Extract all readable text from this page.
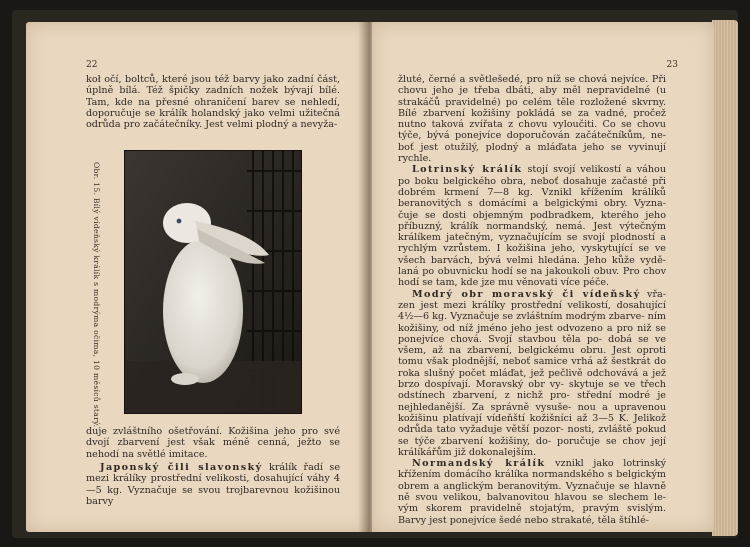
22
koł očí, boltců, které jsou též barvy jako zadní část, úplně bílá. Též špičky zadních nožek bývají bílé. Tam, kde na přesné ohraničení barev se nehledí, doporučuje se králík holandský jako velmi užitečná odrůda pro začátečníky. Jest velmi plodný a nevyža-
Obr. 15. Bílý vídeňský králík s modrýma očima, 10 měsíců starý.
duje zvláštního ošetřování. Kožišina jeho pro své dvojí zbarvení jest však méně cenná, ježto se nehodí na světlé imitace.

Japonský čili slavonský králík řadí se mezi králíky prostřední velikosti, dosahující váhy 4—5 kg. Vyznačuje se svou trojbarevnou kožišinou barvy

23

žluté, černé a světlešedé, pro níž se chová nejvíce. Při chovu jeho je třeba dbáti, aby měl nepravidelné (u strakáčů pravidelné) po celém těle rozložené skvrny. Bílé zbarvení kožišiny pokládá se za vadné, pročež nutno taková zvířata z chovu vyloučiti. Co se chovu týče, bývá ponejvíce doporučován začátečníkům, ne- boť jest otužilý, plodný a mláďata jeho se vyvinují rychle.

Lotrinský králík stojí svojí velikostí a váhou po boku belgického obra, neboť dosahuje začasté při dobrém krmení 7—8 kg. Vznikl křížením králíků beranovitých s domácími a belgickými obry. Vyzna- čuje se dosti objemným podbradkem, kterého jeho příbuzný, králík normandský, nemá. Jest výtečným králíkem jatečným, vyznačujícím se svojí plodností a rychlým vzrůstem. I kožišina jeho, vyskytující se ve všech barvách, bývá velmi hledána. Jeho kůže vydě- laná po obuvnicku hodí se na jakoukoli obuv. Pro chov hodí se tam, kde jze mu věnovati více péče.

Modrý obr moravský či vídeňský vřa- zen jest mezi králíky prostřední velikostí, dosahující 4½—6 kg. Vyznačuje se zvláštním modrým zbarve- ním kožišiny, od níž jméno jeho jest odvozeno a pro niž se ponejvíce chová. Svojí stavbou těla po- dobá se ve všem, až na zbarvení, belgickému obru. Jest oproti tomu však plodnější, neboť samice vrhá až šestkrát do roka slušný počet mláďat, jež pečlivě odchovává a jež brzo dospívají. Moravský obr vy- skytuje se ve třech odstínech zbarvení, z nichž pro- střední modré je nejhledanější. Za správně vysuše- nou a upravenou kožišinu platívají vídeňští kožišníci až 3—5 K. Jelikož odrůda tato vyžaduje větší pozor- nosti, zvláště pokud se týče zbarvení kožišiny, do- poručuje se chov její králíkářům již dokonalejším.

Normandský králík vznikl jako lotrinský křížením domácího králíka normandského s belgickým obrem a anglickým beranovitým. Vyznačuje se hlavně ně svou velikou, balvanovitou hlavou se slechem le- vým skorem pravidelně stojatým, pravým svislým. Barvy jest ponejvíce šedé nebo strakaté, těla štíhlé-
